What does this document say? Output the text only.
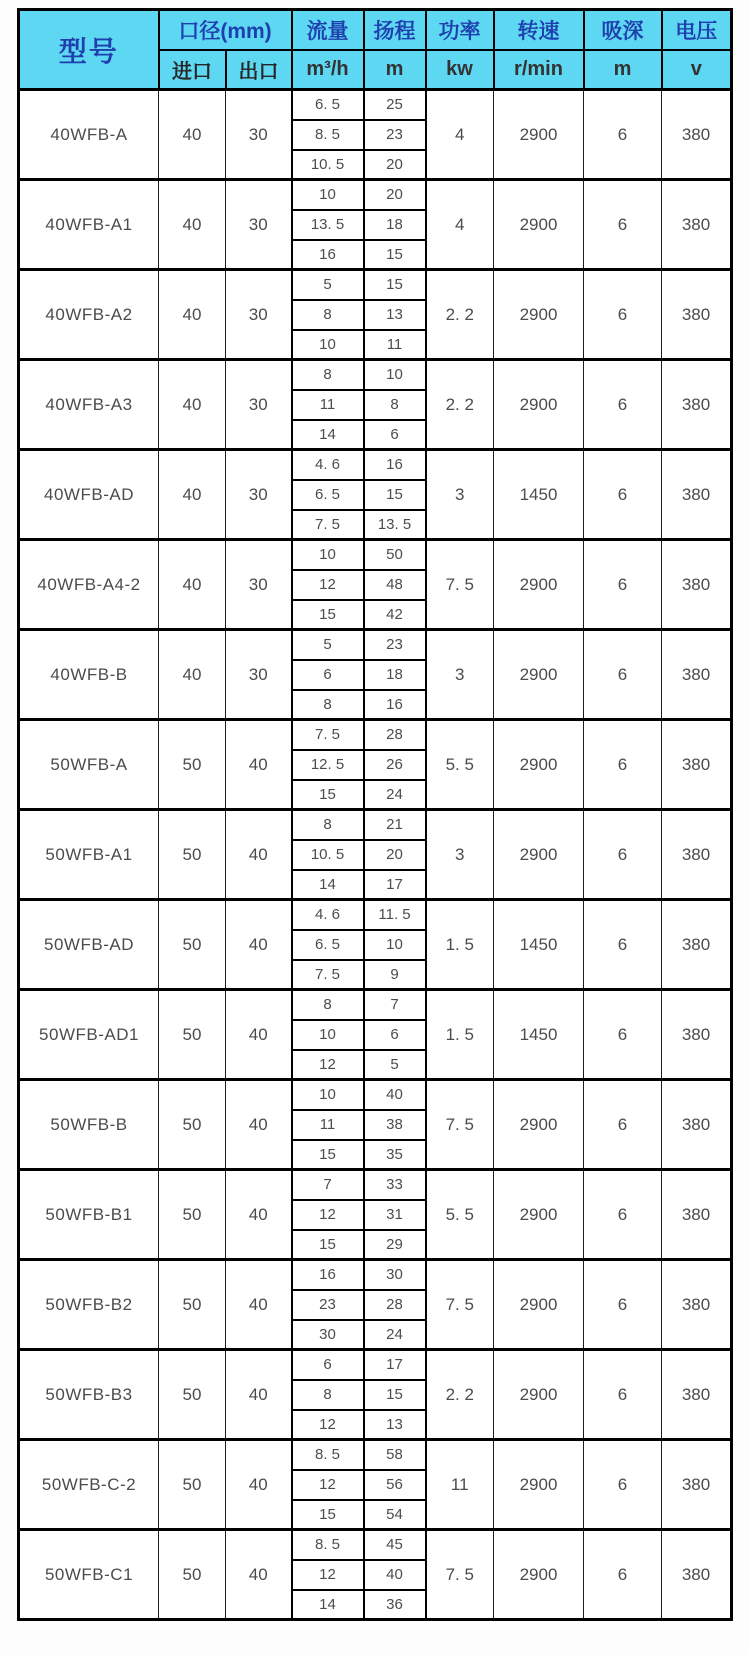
型号	口径(mm)		流量	扬程	功率	转速	吸深	电压
	进口	出口	m³/h	m	kw	r/min	m	v
40WFB-A	40	30	6. 5	25	4	2900	6	380
			8. 5	23				
			10. 5	20				
40WFB-A1	40	30	10	20	4	2900	6	380
			13. 5	18				
			16	15				
40WFB-A2	40	30	5	15	2. 2	2900	6	380
			8	13				
			10	11				
40WFB-A3	40	30	8	10	2. 2	2900	6	380
			11	8				
			14	6				
40WFB-AD	40	30	4. 6	16	3	1450	6	380
			6. 5	15				
			7. 5	13. 5				
40WFB-A4-2	40	30	10	50	7. 5	2900	6	380
			12	48				
			15	42				
40WFB-B	40	30	5	23	3	2900	6	380
			6	18				
			8	16				
50WFB-A	50	40	7. 5	28	5. 5	2900	6	380
			12. 5	26				
			15	24				
50WFB-A1	50	40	8	21	3	2900	6	380
			10. 5	20				
			14	17				
50WFB-AD	50	40	4. 6	11. 5	1. 5	1450	6	380
			6. 5	10				
			7. 5	9				
50WFB-AD1	50	40	8	7	1. 5	1450	6	380
			10	6				
			12	5				
50WFB-B	50	40	10	40	7. 5	2900	6	380
			11	38				
			15	35				
50WFB-B1	50	40	7	33	5. 5	2900	6	380
			12	31				
			15	29				
50WFB-B2	50	40	16	30	7. 5	2900	6	380
			23	28				
			30	24				
50WFB-B3	50	40	6	17	2. 2	2900	6	380
			8	15				
			12	13				
50WFB-C-2	50	40	8. 5	58	11	2900	6	380
			12	56				
			15	54				
50WFB-C1	50	40	8. 5	45	7. 5	2900	6	380
			12	40				
			14	36				
